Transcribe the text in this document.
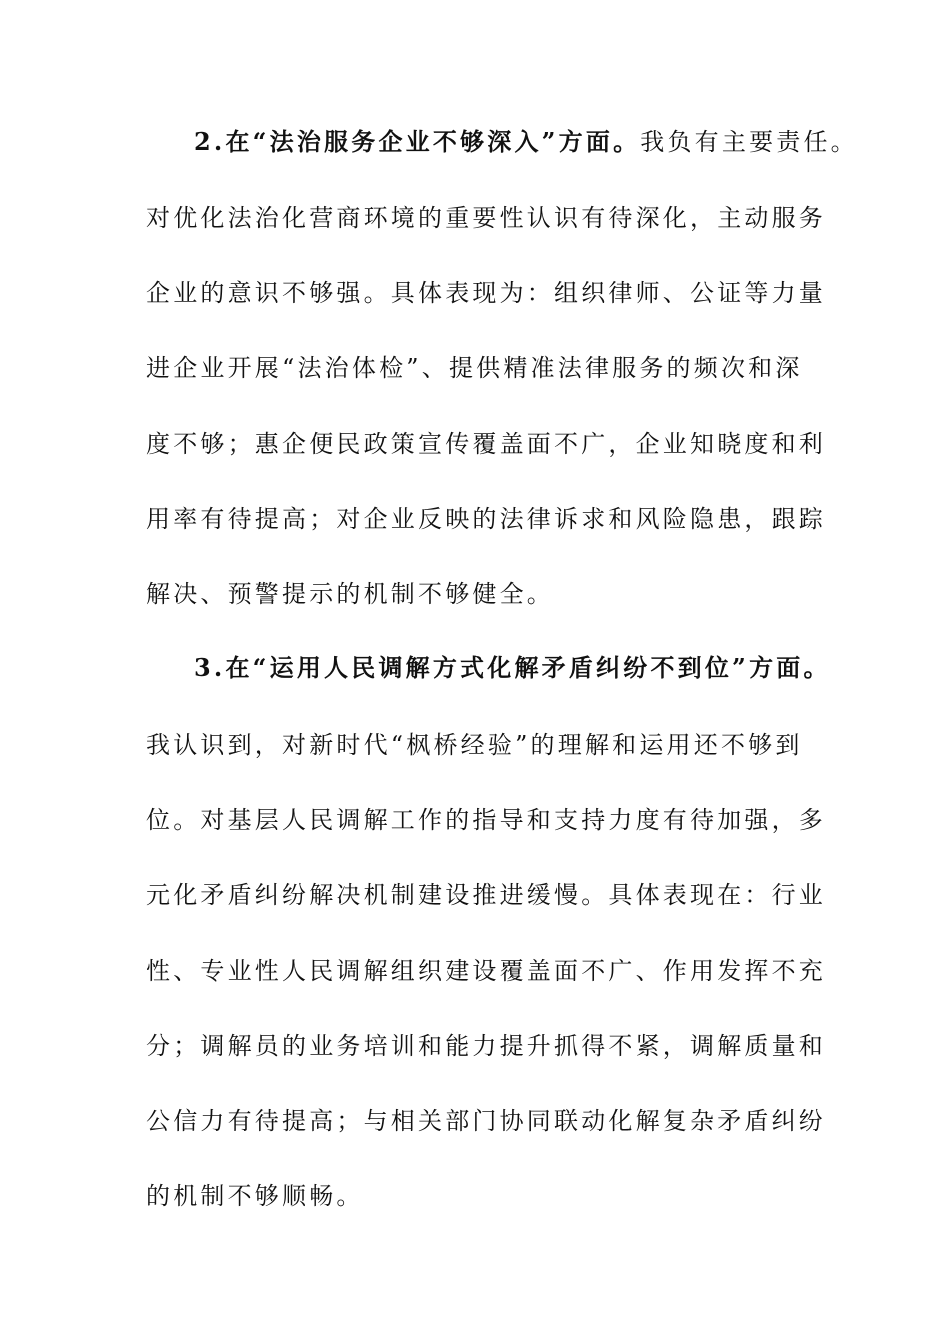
2.在“法治服务企业不够深入”方面。我负有主要责任。
对优化法治化营商环境的重要性认识有待深化，主动服务
企业的意识不够强。具体表现为：组织律师、公证等力量
进企业开展“法治体检”、提供精准法律服务的频次和深
度不够；惠企便民政策宣传覆盖面不广，企业知晓度和利
用率有待提高；对企业反映的法律诉求和风险隐患，跟踪
解决、预警提示的机制不够健全。
3.在“运用人民调解方式化解矛盾纠纷不到位”方面。
我认识到，对新时代“枫桥经验”的理解和运用还不够到
位。对基层人民调解工作的指导和支持力度有待加强，多
元化矛盾纠纷解决机制建设推进缓慢。具体表现在：行业
性、专业性人民调解组织建设覆盖面不广、作用发挥不充
分；调解员的业务培训和能力提升抓得不紧，调解质量和
公信力有待提高；与相关部门协同联动化解复杂矛盾纠纷
的机制不够顺畅。
